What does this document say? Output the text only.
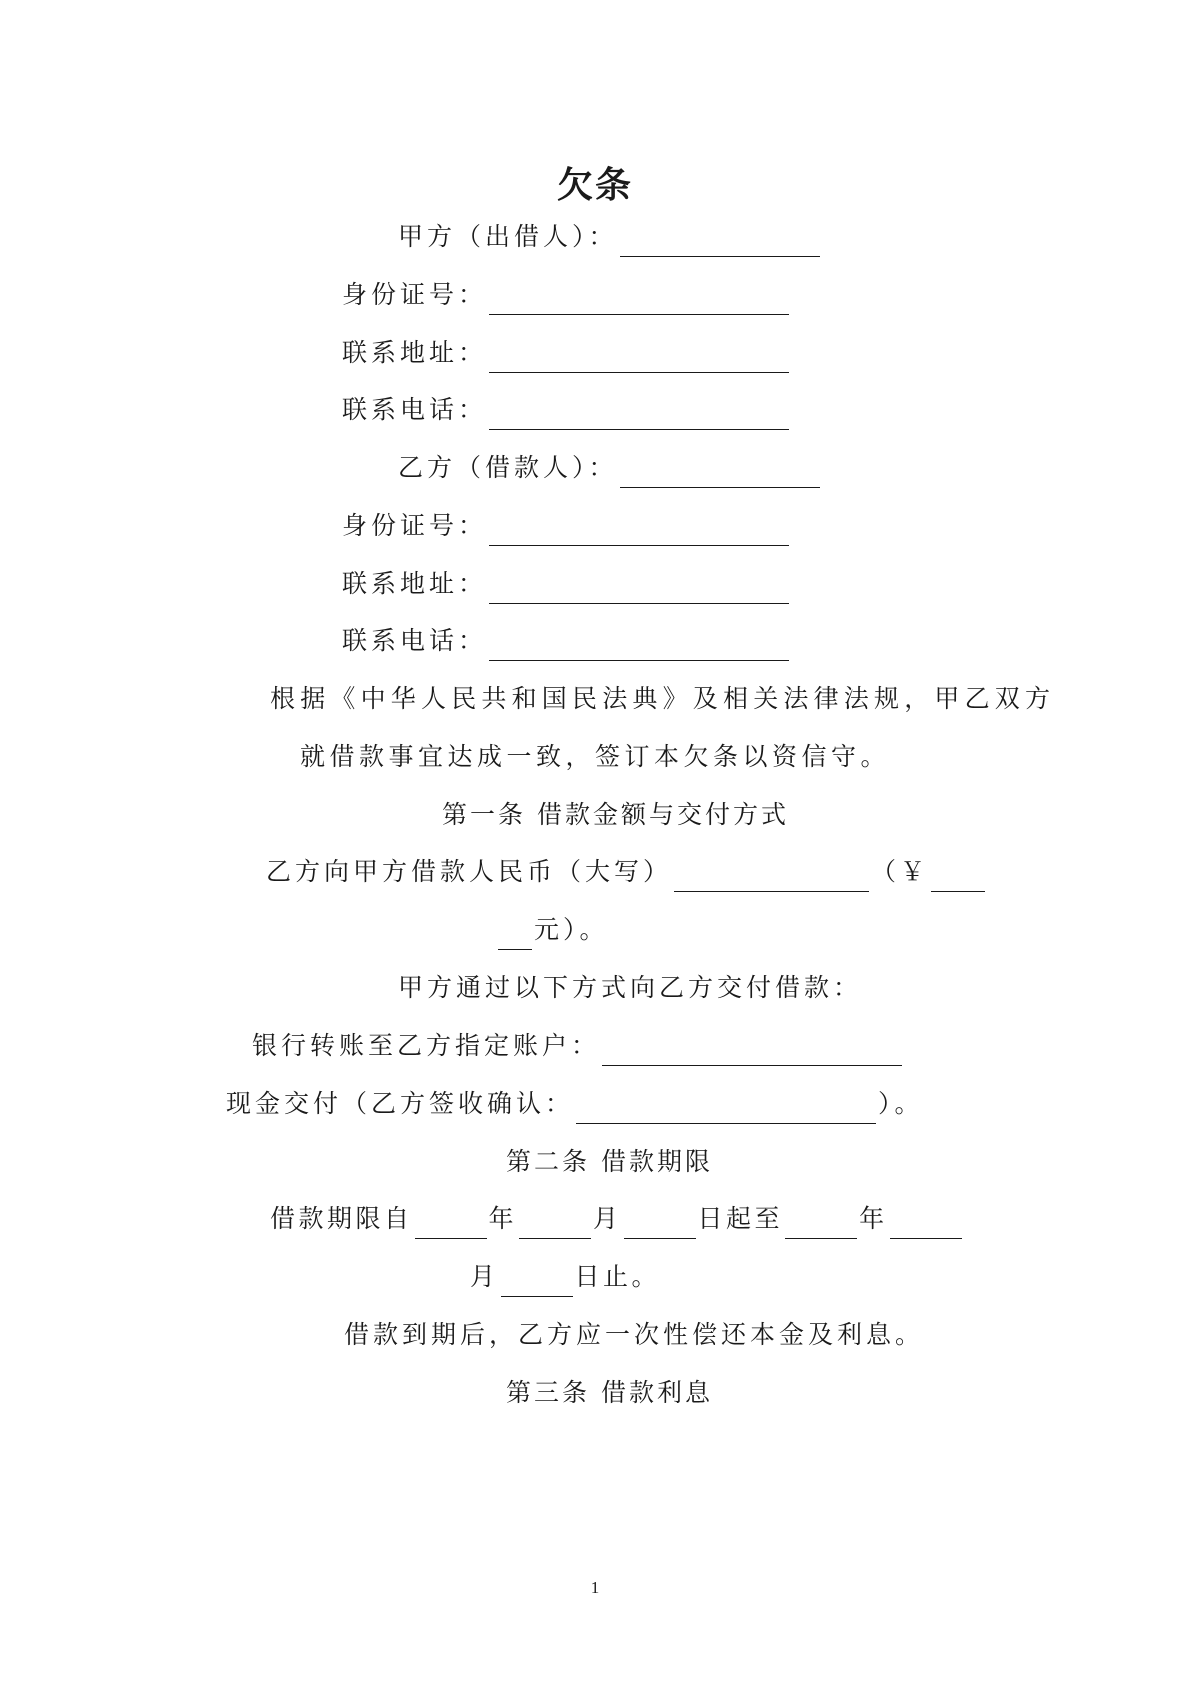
欠条
甲方（出借人）：
身份证号：
联系地址：
联系电话：
乙方（借款人）：
身份证号：
联系地址：
联系电话：
根据《中华人民共和国民法典》及相关法律法规，甲乙双方
就借款事宜达成一致，签订本欠条以资信守。
第一条 借款金额与交付方式
乙方向甲方借款人民币（大写）	（￥
元）。
甲方通过以下方式向乙方交付借款：
银行转账至乙方指定账户：
现金交付（乙方签收确认：	）。
第二条 借款期限
借款期限自	年	月	日起至	年
月	日止。
借款到期后，乙方应一次性偿还本金及利息。
第三条 借款利息
1
